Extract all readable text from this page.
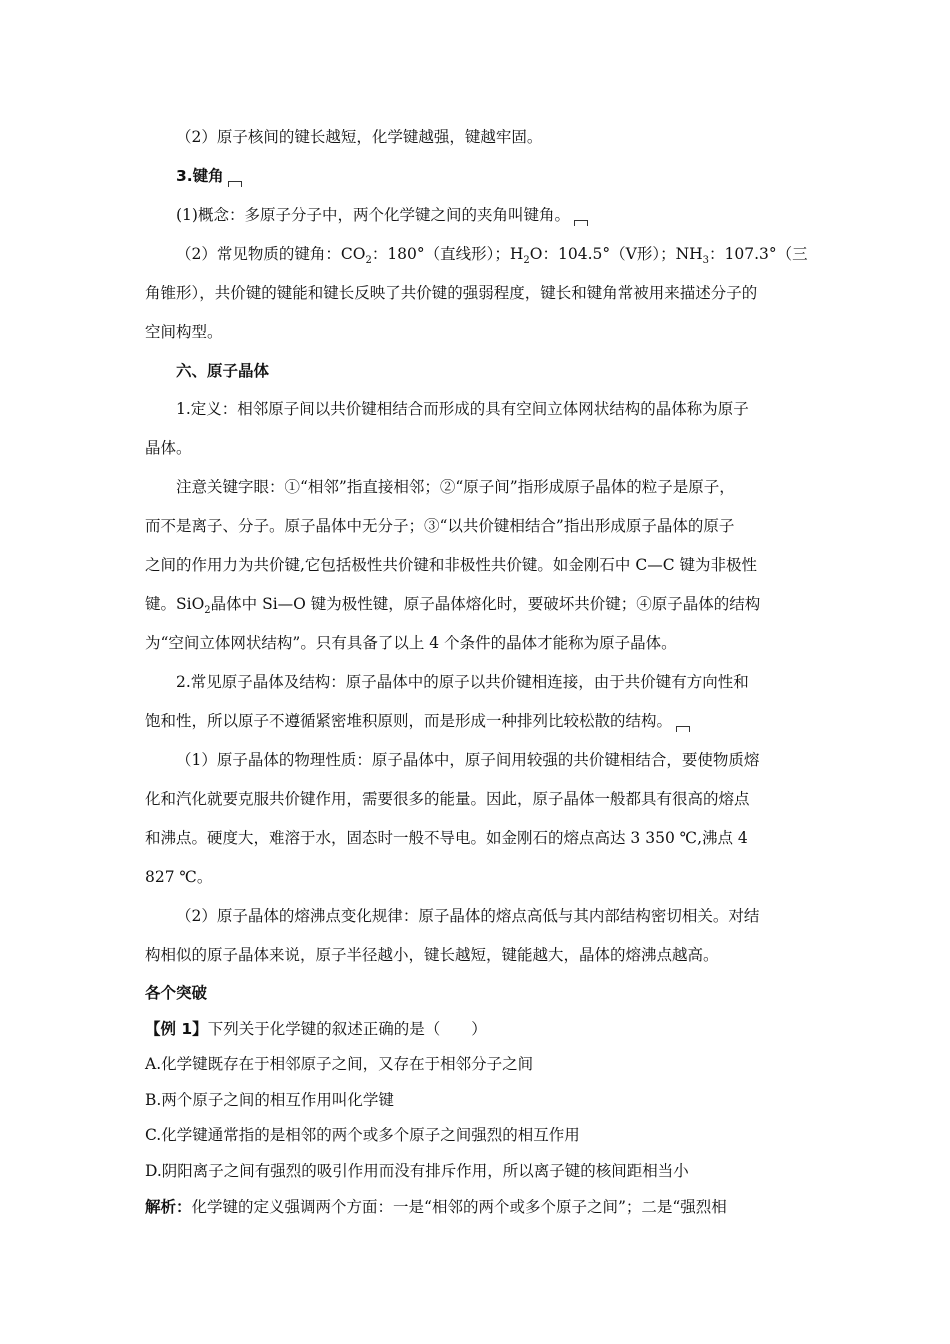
（2）原子核间的键长越短，化学键越强，键越牢固。
3.键角
(1)概念：多原子分子中，两个化学键之间的夹角叫键角。
（2）常见物质的键角：$CO_2$：180°（直线形）；$H_2O$：104.5°（V形）；$NH_3$：107.3°（三
角锥形），共价键的键能和键长反映了共价键的强弱程度，键长和键角常被用来描述分子的
空间构型。
六、原子晶体
1.定义：相邻原子间以共价键相结合而形成的具有空间立体网状结构的晶体称为原子
晶体。
注意关键字眼：①“相邻”指直接相邻；②“原子间”指形成原子晶体的粒子是原子，
而不是离子、分子。原子晶体中无分子；③“以共价键相结合”指出形成原子晶体的原子
之间的作用力为共价键,它包括极性共价键和非极性共价键。如金刚石中 C—C 键为非极性
键。SiO$_2$晶体中 Si—O 键为极性键，原子晶体熔化时，要破坏共价键；④原子晶体的结构
为“空间立体网状结构”。只有具备了以上 4 个条件的晶体才能称为原子晶体。
2.常见原子晶体及结构：原子晶体中的原子以共价键相连接，由于共价键有方向性和
饱和性，所以原子不遵循紧密堆积原则，而是形成一种排列比较松散的结构。
（1）原子晶体的物理性质：原子晶体中，原子间用较强的共价键相结合，要使物质熔
化和汽化就要克服共价键作用，需要很多的能量。因此，原子晶体一般都具有很高的熔点
和沸点。硬度大，难溶于水，固态时一般不导电。如金刚石的熔点高达 3 350 ℃,沸点 4
827 ℃。
（2）原子晶体的熔沸点变化规律：原子晶体的熔点高低与其内部结构密切相关。对结
构相似的原子晶体来说，原子半径越小，键长越短，键能越大，晶体的熔沸点越高。
各个突破
【例 1】下列关于化学键的叙述正确的是（　　）
A.化学键既存在于相邻原子之间，又存在于相邻分子之间
B.两个原子之间的相互作用叫化学键
C.化学键通常指的是相邻的两个或多个原子之间强烈的相互作用
D.阴阳离子之间有强烈的吸引作用而没有排斥作用，所以离子键的核间距相当小
解析：化学键的定义强调两个方面：一是“相邻的两个或多个原子之间”；二是“强烈相
